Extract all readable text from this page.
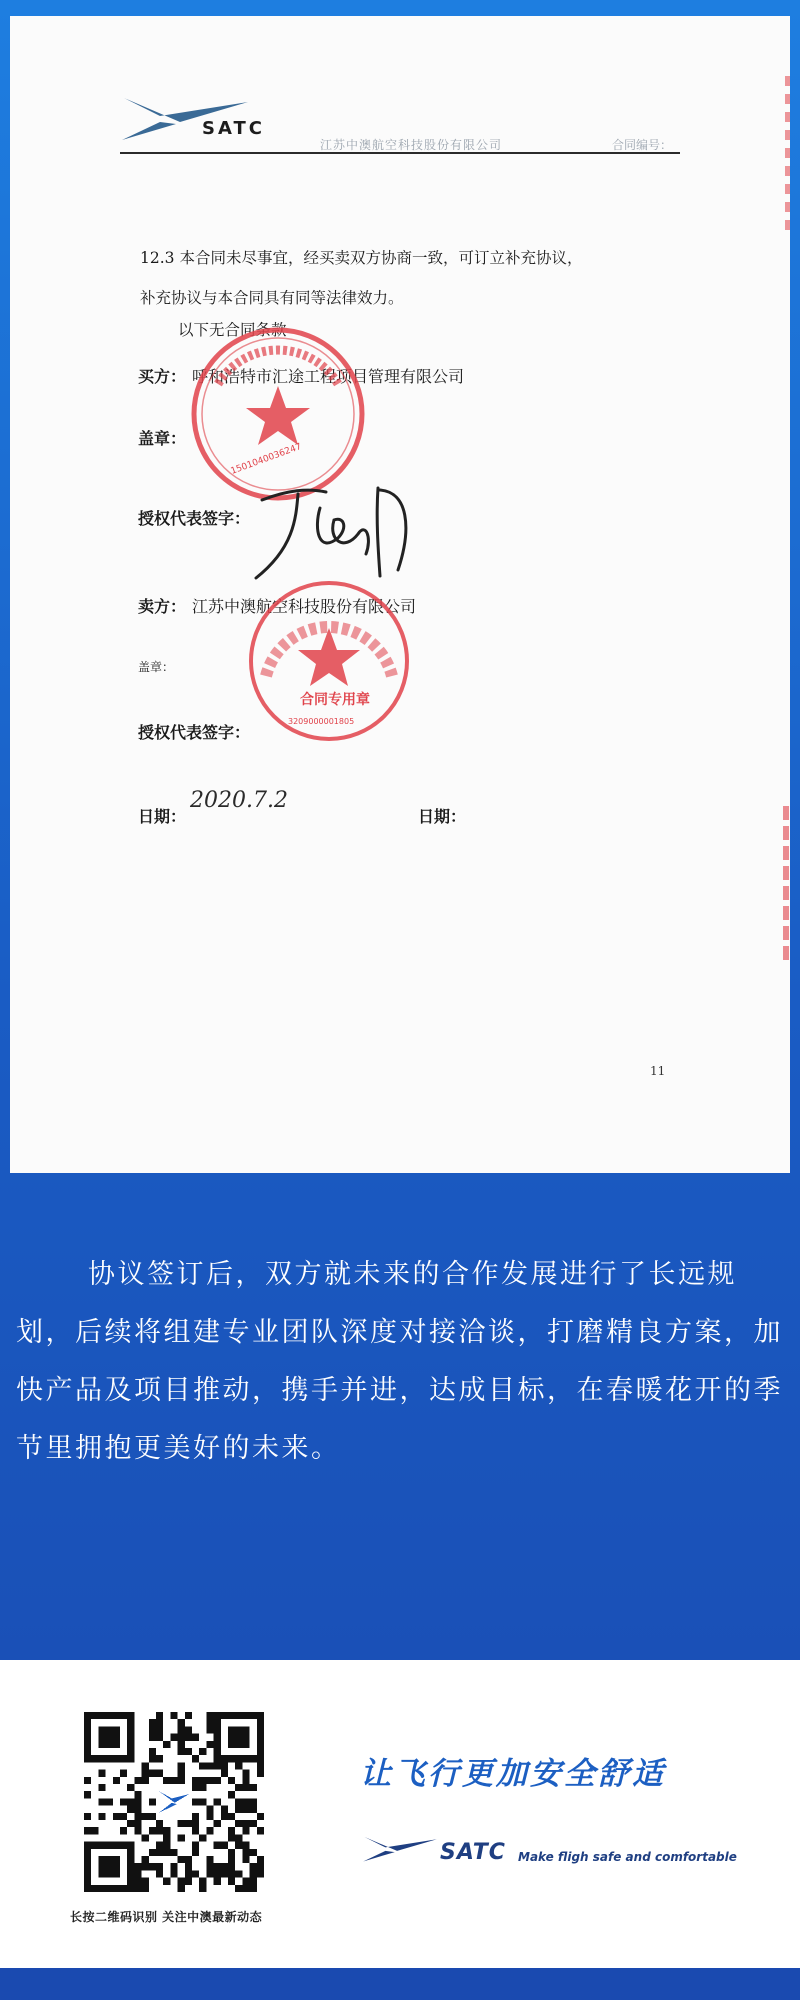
SATC
江苏中澳航空科技股份有限公司	合同编号：
12.3 本合同未尽事宜，经买卖双方协商一致，可订立补充协议，
补充协议与本合同具有同等法律效力。
以下无合同条款
买方： 呼和浩特市汇途工程项目管理有限公司
盖章：
授权代表签字：
卖方： 江苏中澳航空科技股份有限公司
盖章：
授权代表签字：
日期：
2020.7.2
日期：
11
1501040036247
合同专用章
3209000001805
协议签订后，双方就未来的合作发展进行了长远规划，后续将组建专业团队深度对接洽谈，打磨精良方案，加快产品及项目推动，携手并进，达成目标，在春暖花开的季节里拥抱更美好的未来。
长按二维码识别 关注中澳最新动态
让飞行更加安全舒适
SATC Make fligh safe and comfortable
